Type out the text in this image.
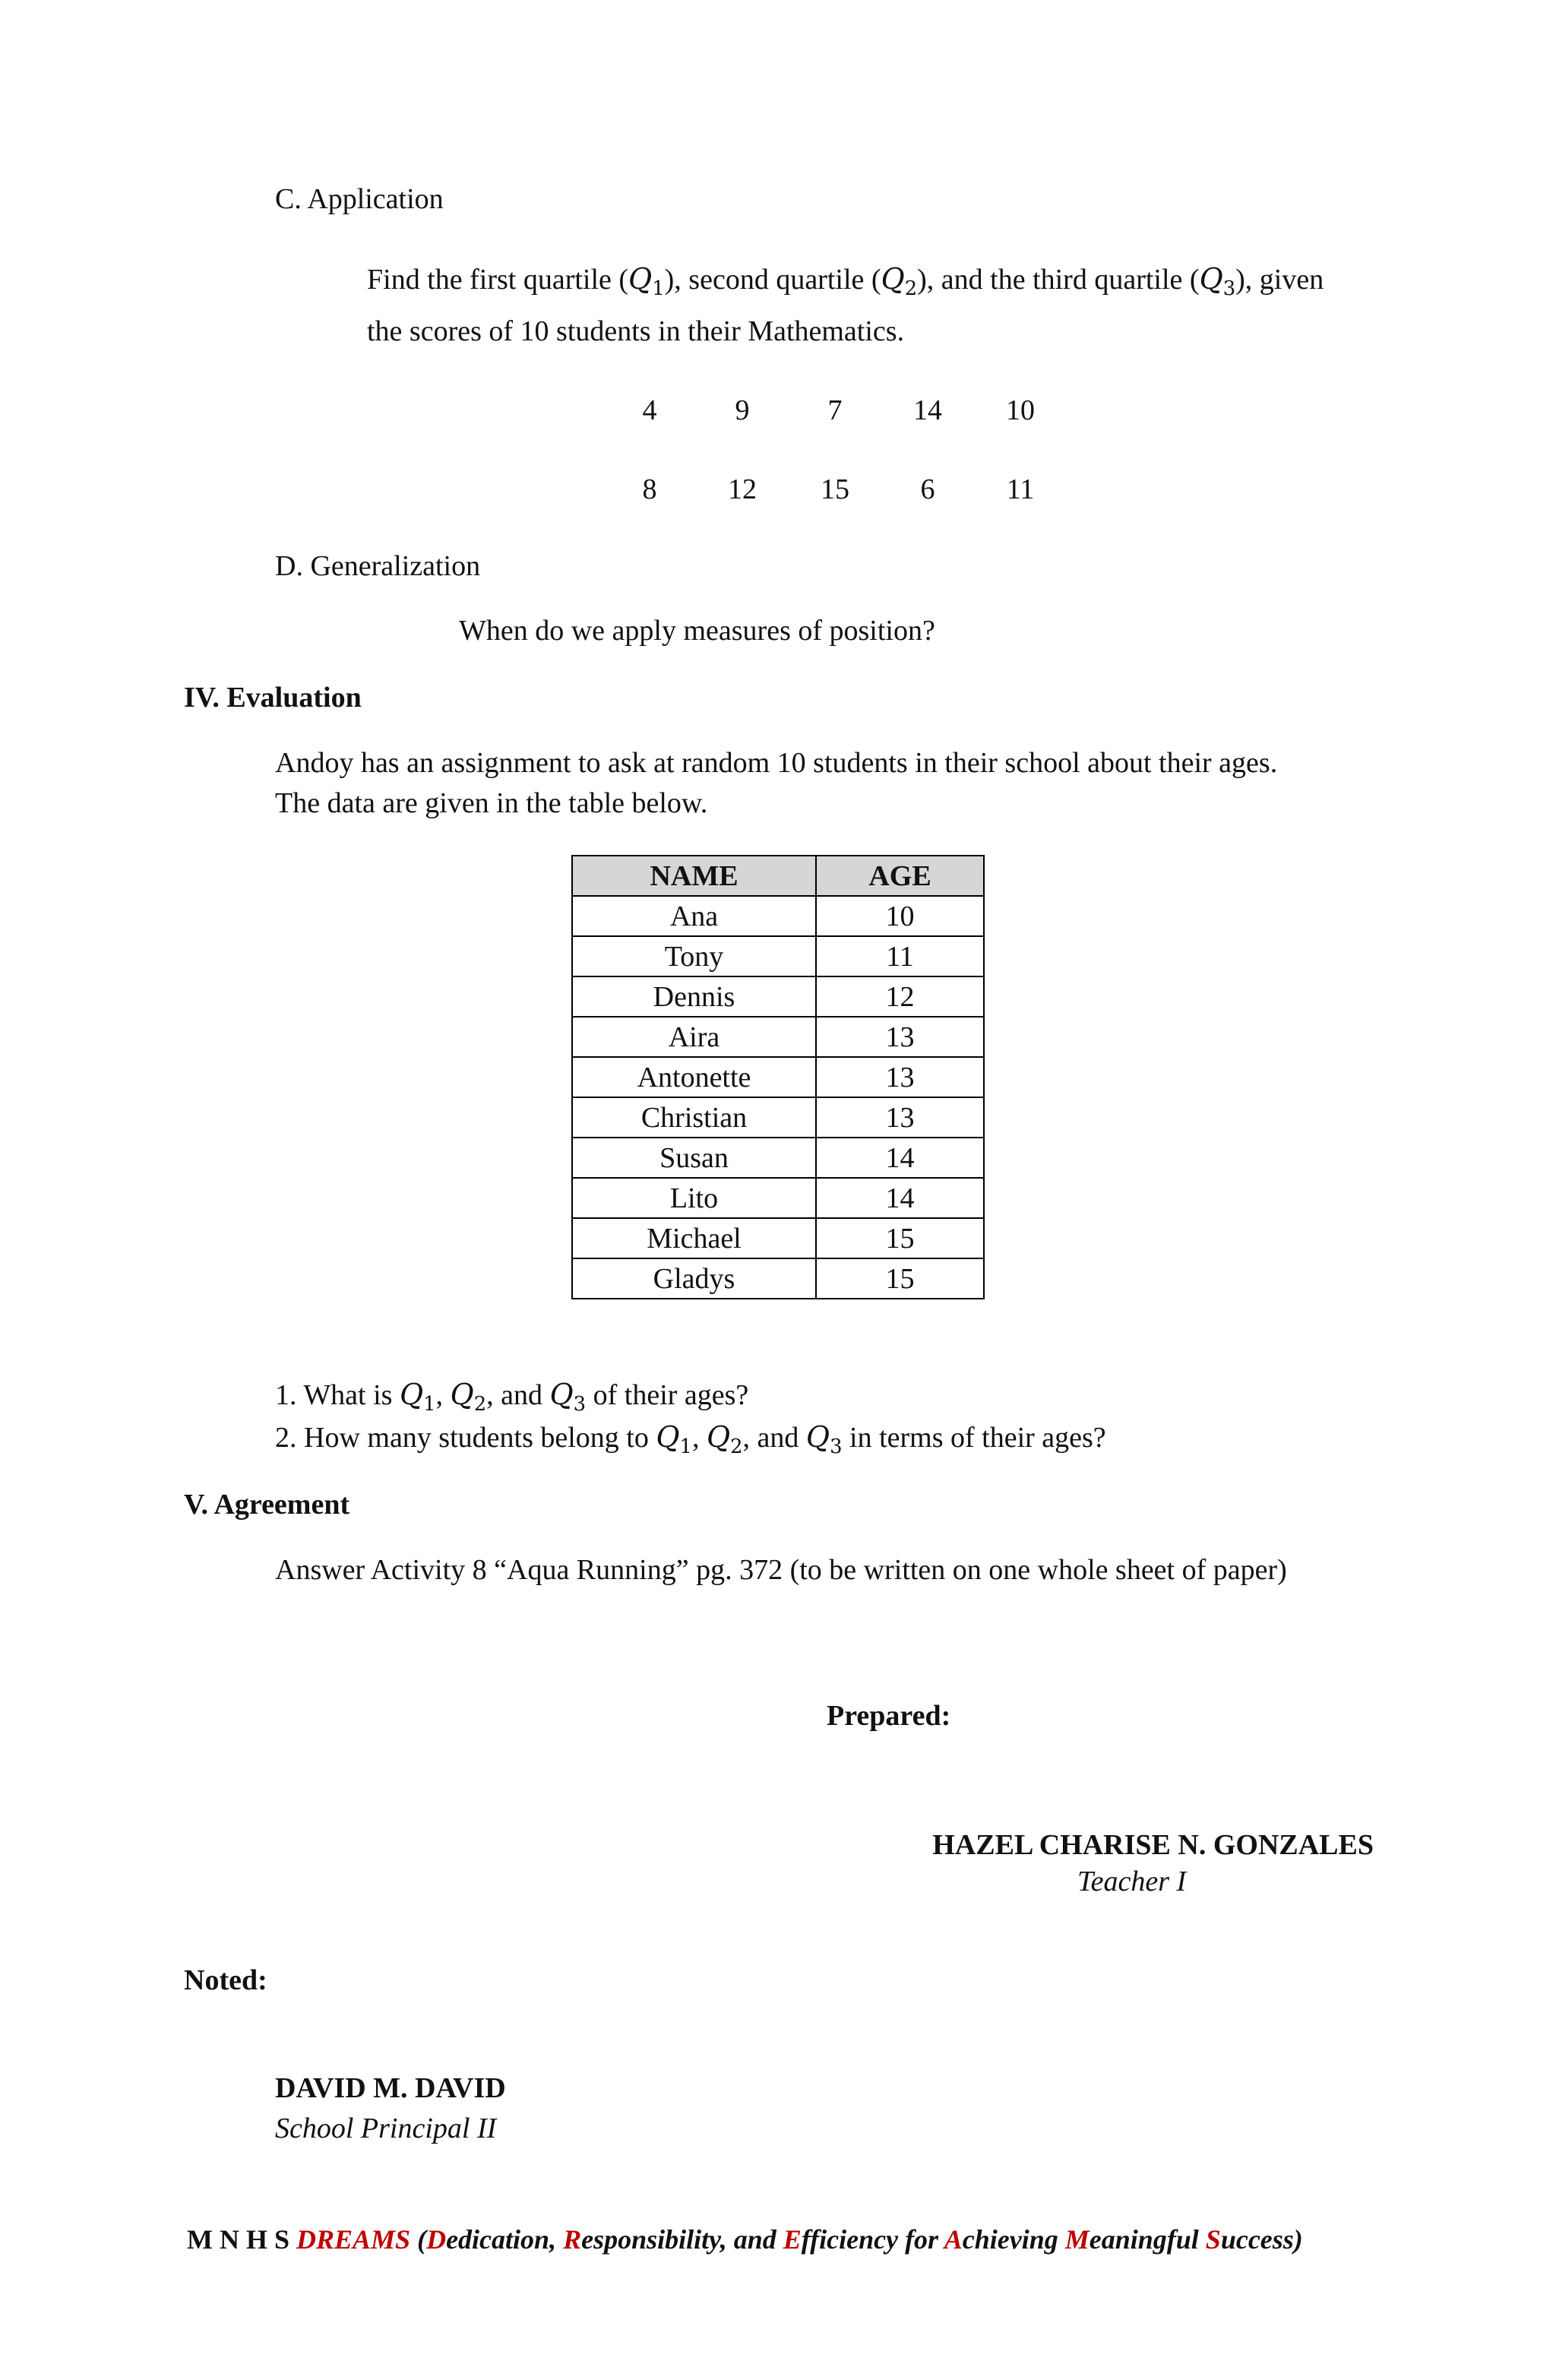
C. Application
Find the first quartile $(Q_1)$, second quartile $(Q_2)$, and the third quartile $(Q_3)$, given
the scores of 10 students in their Mathematics.
4	9	7	14	10

8	12	15	6	11
D. Generalization
When do we apply measures of position?
IV. Evaluation
Andoy has an assignment to ask at random 10 students in their school about their ages.
The data are given in the table below.
NAME	AGE
Ana	10
Tony	11
Dennis	12
Aira	13
Antonette	13
Christian	13
Susan	14
Lito	14
Michael	15
Gladys	15
1. What is $Q_1$, $Q_2$, and $Q_3$ of their ages?
2. How many students belong to $Q_1$, $Q_2$, and $Q_3$ in terms of their ages?
V. Agreement
Answer Activity 8 “Aqua Running” pg. 372 (to be written on one whole sheet of paper)
Prepared:
HAZEL CHARISE N. GONZALES
Teacher I
Noted:
DAVID M. DAVID
School Principal II
M N H S DREAMS (Dedication, Responsibility, and Efficiency for Achieving Meaningful Success)
